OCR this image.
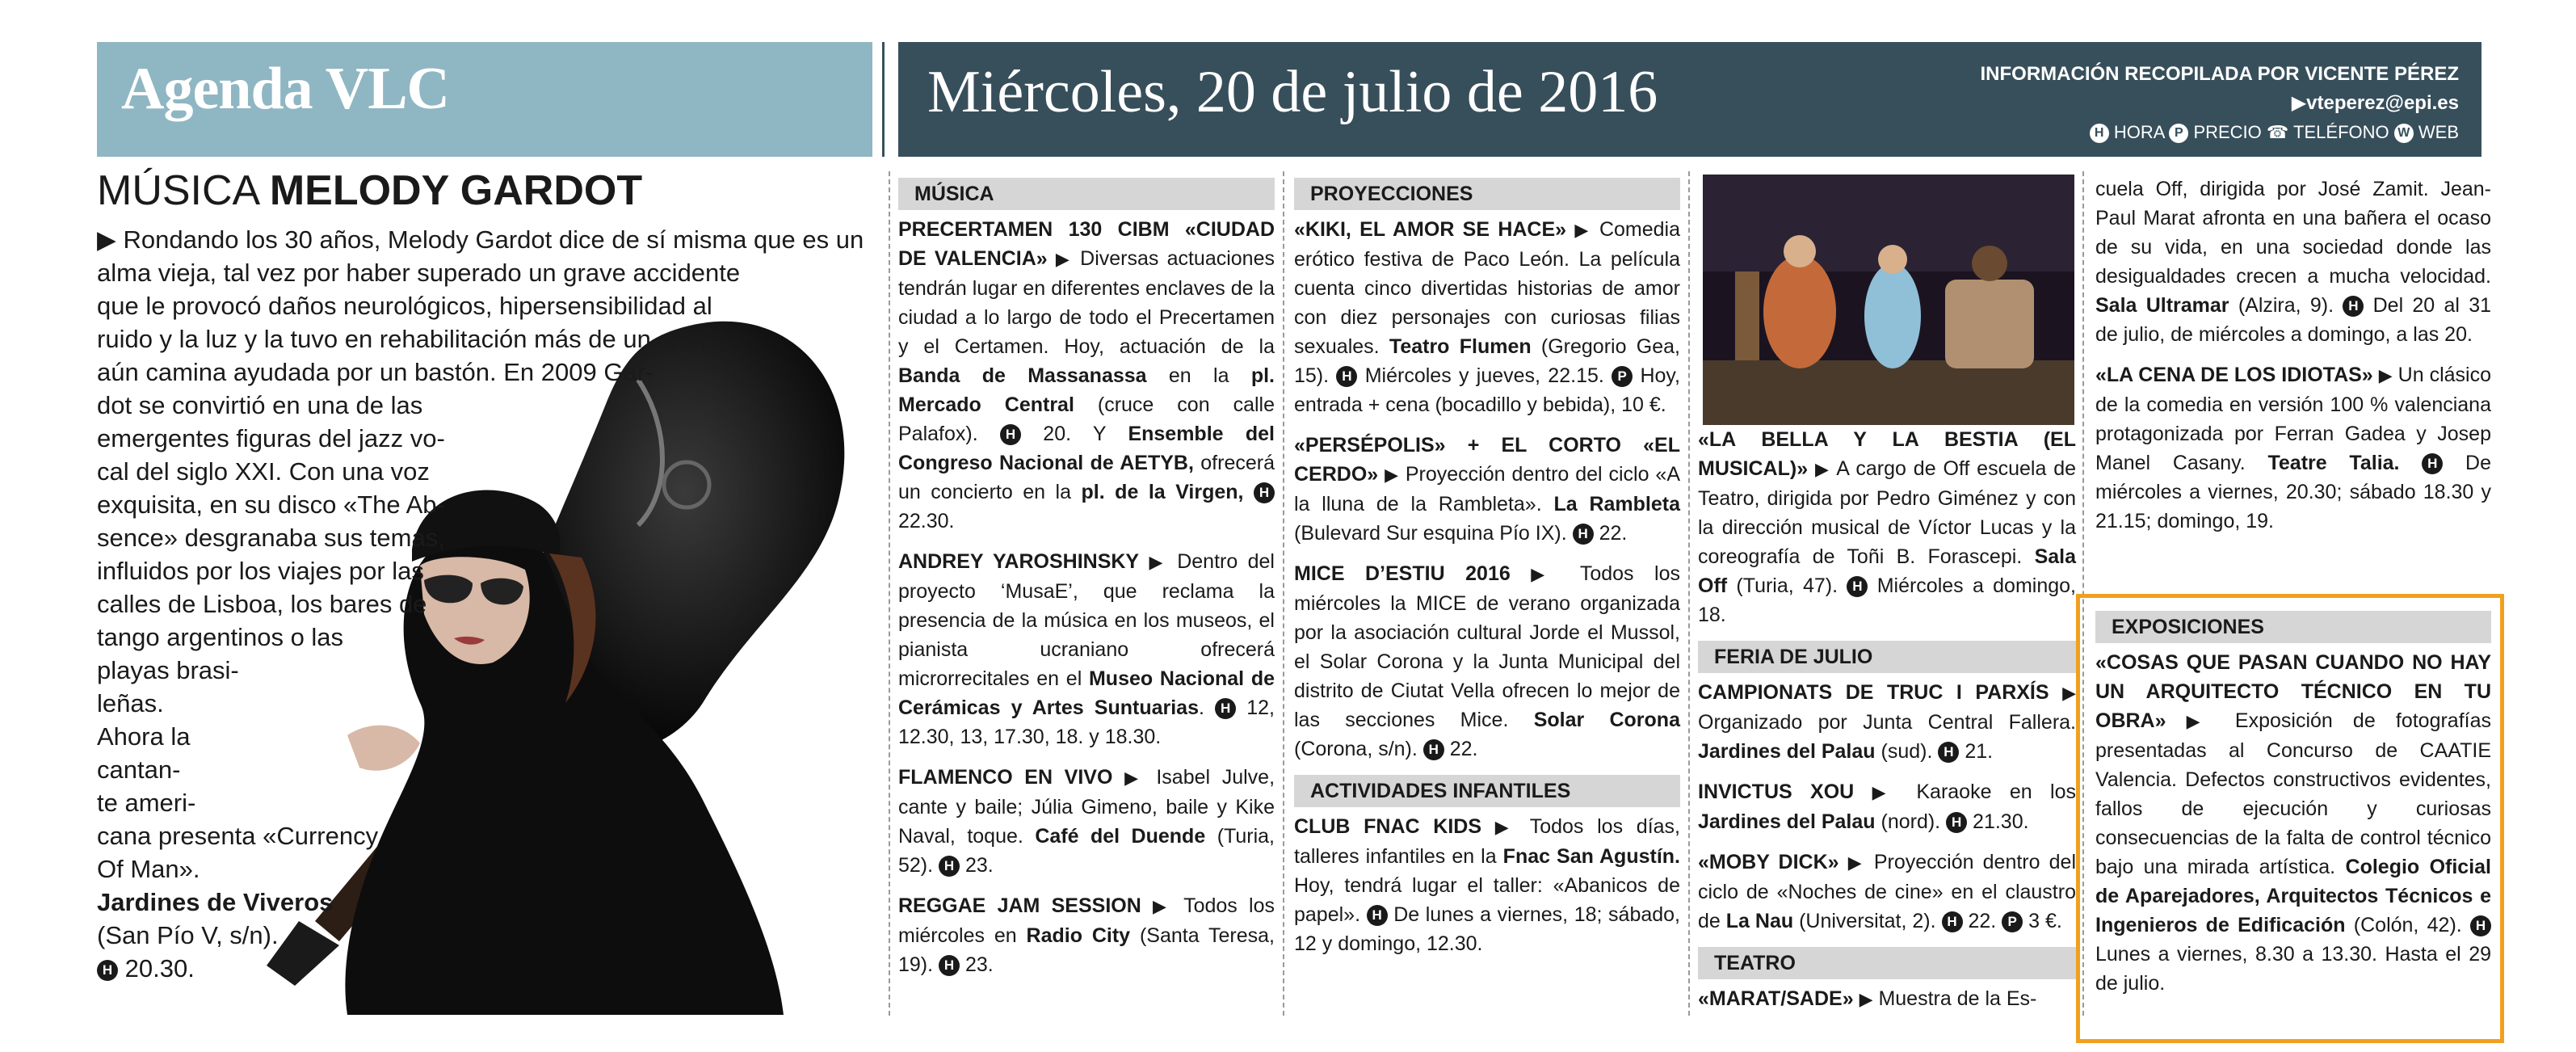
Agenda VLC	Miércoles, 20 de julio de 2016	INFORMACIÓN RECOPILADA POR VICENTE PÉREZ
▶vteperez@epi.es
H HORA P PRECIO ☎ TELÉFONO W WEB
MÚSICA MELODY GARDOT
▶ Rondando los 30 años, Melody Gardot dice de sí misma que es un
alma vieja, tal vez por haber superado un grave accidente
que le provocó daños neurológicos, hipersensibilidad al
ruido y la luz y la tuvo en rehabilitación más de un año,
aún camina ayudada por un bastón. En 2009 Gar-
dot se convirtió en una de las
emergentes figuras del jazz vo-
cal del siglo XXI. Con una voz
exquisita, en su disco «The Ab-
sence» desgranaba sus temas,
influidos por los viajes por las
calles de Lisboa, los bares de
tango argentinos o las
playas brasi-
leñas.
Ahora la
cantan-
te ameri-
cana presenta «Currency
Of Man».
Jardines de Viveros
(San Pío V, s/n).
H 20.30.
MÚSICA
PRECERTAMEN 130 CIBM «CIUDAD DE VALENCIA» ▶ Diversas actuaciones tendrán lugar en diferentes enclaves de la ciudad a lo largo de todo el Precertamen y el Certamen. Hoy, actuación de la Banda de Massanassa en la pl. Mercado Central (cruce con calle Palafox). H 20. Y Ensemble del Congreso Nacional de AETYB, ofrecerá un concierto en la pl. de la Virgen, H 22.30.
ANDREY YAROSHINSKY ▶ Dentro del proyecto ‘MusaE’, que reclama la presencia de la música en los museos, el pianista ucraniano ofrecerá microrrecitales en el Museo Nacional de Cerámicas y Artes Suntuarias. H 12, 12.30, 13, 17.30, 18. y 18.30.
FLAMENCO EN VIVO ▶ Isabel Julve, cante y baile; Júlia Gimeno, baile y Kike Naval, toque. Café del Duende (Turia, 52). H 23.
REGGAE JAM SESSION ▶ Todos los miércoles en Radio City (Santa Teresa, 19). H 23.
PROYECCIONES
«KIKI, EL AMOR SE HACE» ▶ Comedia erótico festiva de Paco León. La película cuenta cinco divertidas historias de amor con diez personajes con curiosas filias sexuales. Teatro Flumen (Gregorio Gea, 15). H Miércoles y jueves, 22.15. P Hoy, entrada + cena (bocadillo y bebida), 10 €.
«PERSÉPOLIS» + EL CORTO «EL CERDO» ▶ Proyección dentro del ciclo «A la lluna de la Rambleta». La Rambleta (Bulevard Sur esquina Pío IX). H 22.
MICE D’ESTIU 2016 ▶ Todos los miércoles la MICE de verano organizada por la asociación cultural Jorde el Mussol, el Solar Corona y la Junta Municipal del distrito de Ciutat Vella ofrecen lo mejor de las secciones Mice. Solar Corona (Corona, s/n). H 22.
ACTIVIDADES INFANTILES
CLUB FNAC KIDS ▶ Todos los días, talleres infantiles en la Fnac San Agustín. Hoy, tendrá lugar el taller: «Abanicos de papel». H De lunes a viernes, 18; sábado, 12 y domingo, 12.30.
«LA BELLA Y LA BESTIA (EL MUSICAL)» ▶ A cargo de Off escuela de Teatro, dirigida por Pedro Giménez y con la dirección musical de Víctor Lucas y la coreografía de Toñi B. Forascepi. Sala Off (Turia, 47). H Miércoles a domingo, 18.
FERIA DE JULIO
CAMPIONATS DE TRUC I PARXÍS ▶ Organizado por Junta Central Fallera. Jardines del Palau (sud). H 21.
INVICTUS XOU ▶ Karaoke en los Jardines del Palau (nord). H 21.30.
«MOBY DICK» ▶ Proyección dentro del ciclo de «Noches de cine» en el claustro de La Nau (Universitat, 2). H 22. P 3 €.
TEATRO
«MARAT/SADE» ▶ Muestra de la Es-
cuela Off, dirigida por José Zamit. Jean-Paul Marat afronta en una bañera el ocaso de su vida, en una sociedad donde las desigualdades crecen a mucha velocidad. Sala Ultramar (Alzira, 9). H Del 20 al 31 de julio, de miércoles a domingo, a las 20.
«LA CENA DE LOS IDIOTAS» ▶ Un clásico de la comedia en versión 100 % valenciana protagonizada por Ferran Gadea y Josep Manel Casany. Teatre Talia. H De miércoles a viernes, 20.30; sábado 18.30 y 21.15; domingo, 19.
EXPOSICIONES
«COSAS QUE PASAN CUANDO NO HAY UN ARQUITECTO TÉCNICO EN TU OBRA» ▶ Exposición de fotografías presentadas al Concurso de CAATIE Valencia. Defectos constructivos evidentes, fallos de ejecución y curiosas consecuencias de la falta de control técnico bajo una mirada artística. Colegio Oficial de Aparejadores, Arquitectos Técnicos e Ingenieros de Edificación (Colón, 42). H Lunes a viernes, 8.30 a 13.30. Hasta el 29 de julio.
